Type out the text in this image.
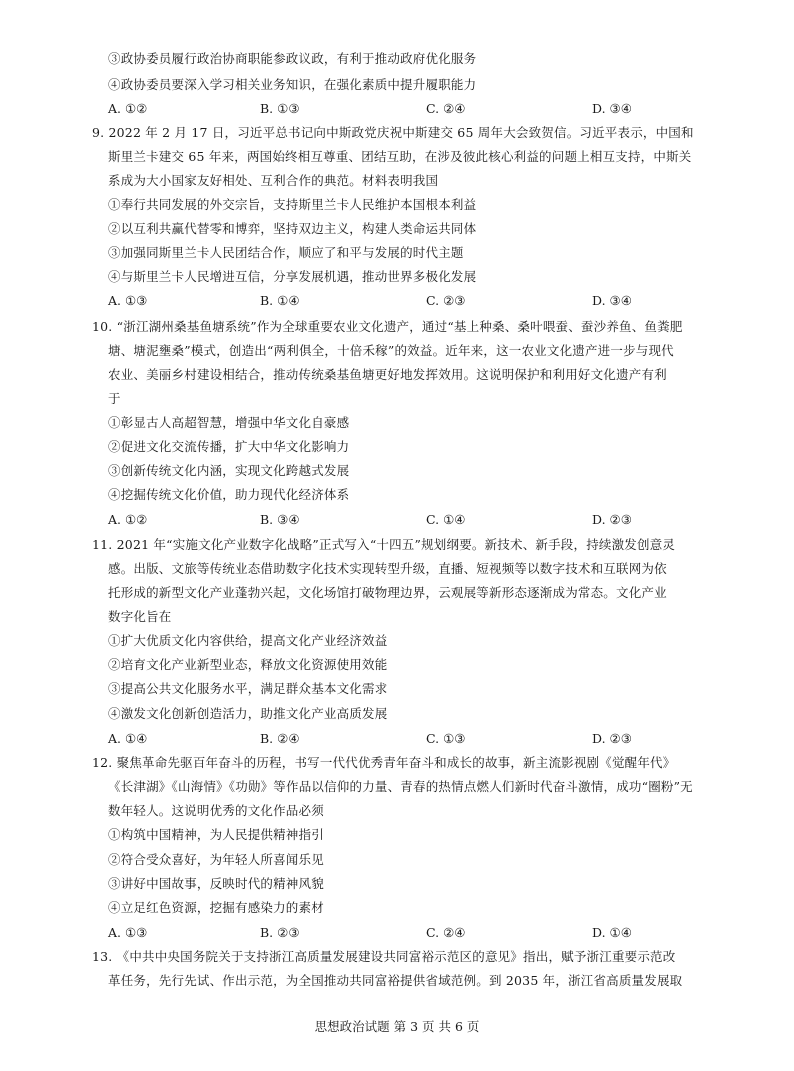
③政协委员履行政治协商职能参政议政，有利于推动政府优化服务
④政协委员要深入学习相关业务知识，在强化素质中提升履职能力
A. ①②	B. ①③	C. ②④	D. ③④
9. 2022 年 2 月 17 日，习近平总书记向中斯政党庆祝中斯建交 65 周年大会致贺信。习近平表示，中国和
斯里兰卡建交 65 年来，两国始终相互尊重、团结互助，在涉及彼此核心利益的问题上相互支持，中斯关
系成为大小国家友好相处、互利合作的典范。材料表明我国
①奉行共同发展的外交宗旨，支持斯里兰卡人民维护本国根本利益
②以互利共赢代替零和博弈，坚持双边主义，构建人类命运共同体
③加强同斯里兰卡人民团结合作，顺应了和平与发展的时代主题
④与斯里兰卡人民增进互信，分享发展机遇，推动世界多极化发展
A. ①③	B. ①④	C. ②③	D. ③④
10. “浙江湖州桑基鱼塘系统”作为全球重要农业文化遗产，通过“基上种桑、桑叶喂蚕、蚕沙养鱼、鱼粪肥
塘、塘泥壅桑”模式，创造出“两利俱全，十倍禾稼”的效益。近年来，这一农业文化遗产进一步与现代
农业、美丽乡村建设相结合，推动传统桑基鱼塘更好地发挥效用。这说明保护和利用好文化遗产有利
于
①彰显古人高超智慧，增强中华文化自豪感
②促进文化交流传播，扩大中华文化影响力
③创新传统文化内涵，实现文化跨越式发展
④挖掘传统文化价值，助力现代化经济体系
A. ①②	B. ③④	C. ①④	D. ②③
11. 2021 年“实施文化产业数字化战略”正式写入“十四五”规划纲要。新技术、新手段，持续激发创意灵
感。出版、文旅等传统业态借助数字化技术实现转型升级，直播、短视频等以数字技术和互联网为依
托形成的新型文化产业蓬勃兴起，文化场馆打破物理边界，云观展等新形态逐渐成为常态。文化产业
数字化旨在
①扩大优质文化内容供给，提高文化产业经济效益
②培育文化产业新型业态，释放文化资源使用效能
③提高公共文化服务水平，满足群众基本文化需求
④激发文化创新创造活力，助推文化产业高质发展
A. ①④	B. ②④	C. ①③	D. ②③
12. 聚焦革命先驱百年奋斗的历程，书写一代代优秀青年奋斗和成长的故事，新主流影视剧《觉醒年代》
《长津湖》《山海情》《功勋》等作品以信仰的力量、青春的热情点燃人们新时代奋斗激情，成功“圈粉”无
数年轻人。这说明优秀的文化作品必须
①构筑中国精神，为人民提供精神指引
②符合受众喜好，为年轻人所喜闻乐见
③讲好中国故事，反映时代的精神风貌
④立足红色资源，挖掘有感染力的素材
A. ①③	B. ②③	C. ②④	D. ①④
13. 《中共中央国务院关于支持浙江高质量发展建设共同富裕示范区的意见》指出，赋予浙江重要示范改
革任务，先行先试、作出示范，为全国推动共同富裕提供省域范例。到 2035 年，浙江省高质量发展取
思想政治试题 第 3 页 共 6 页
